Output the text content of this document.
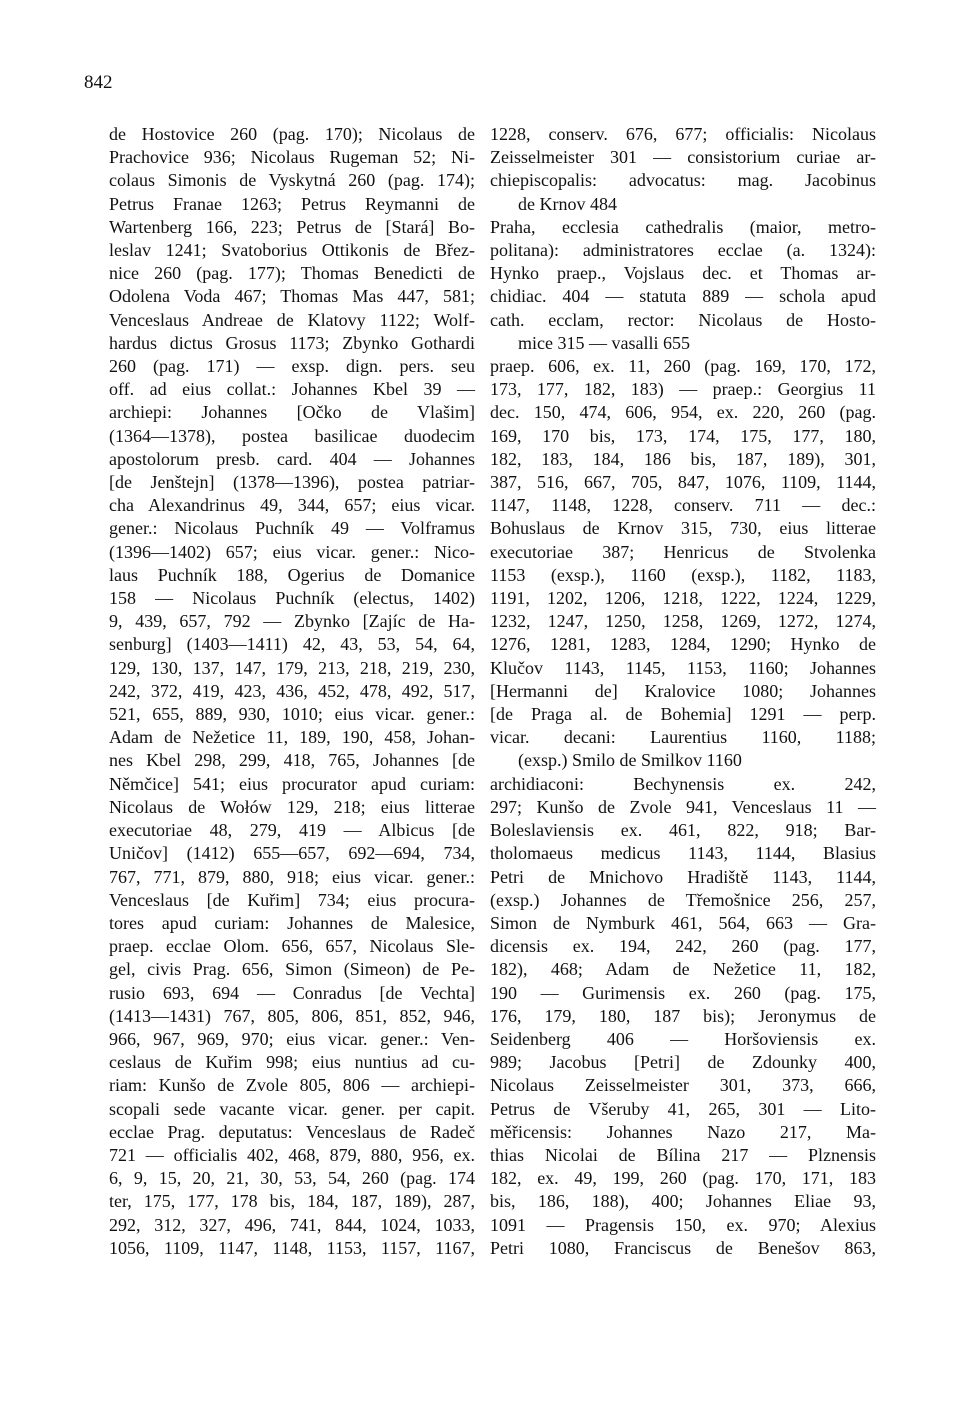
842
de Hostovice 260 (pag. 170); Nicolaus de
Prachovice 936; Nicolaus Rugeman 52; Ni-
colaus Simonis de Vyskytná 260 (pag. 174);
Petrus Franae 1263; Petrus Reymanni de
Wartenberg 166, 223; Petrus de [Stará] Bo-
leslav 1241; Svatoborius Ottikonis de Břez-
nice 260 (pag. 177); Thomas Benedicti de
Odolena Voda 467; Thomas Mas 447, 581;
Venceslaus Andreae de Klatovy 1122; Wolf-
hardus dictus Grosus 1173; Zbynko Gothardi
260 (pag. 171) — exsp. dign. pers. seu
off. ad eius collat.: Johannes Kbel 39 —
archiepi: Johannes [Očko de Vlašim]
(1364—1378), postea basilicae duodecim
apostolorum presb. card. 404 — Johannes
[de Jenštejn] (1378—1396), postea patriar-
cha Alexandrinus 49, 344, 657; eius vicar.
gener.: Nicolaus Puchník 49 — Volframus
(1396—1402) 657; eius vicar. gener.: Nico-
laus Puchník 188, Ogerius de Domanice
158 — Nicolaus Puchník (electus, 1402)
9, 439, 657, 792 — Zbynko [Zajíc de Ha-
senburg] (1403—1411) 42, 43, 53, 54, 64,
129, 130, 137, 147, 179, 213, 218, 219, 230,
242, 372, 419, 423, 436, 452, 478, 492, 517,
521, 655, 889, 930, 1010; eius vicar. gener.:
Adam de Nežetice 11, 189, 190, 458, Johan-
nes Kbel 298, 299, 418, 765, Johannes [de
Němčice] 541; eius procurator apud curiam:
Nicolaus de Wołów 129, 218; eius litterae
executoriae 48, 279, 419 — Albicus [de
Uničov] (1412) 655—657, 692—694, 734,
767, 771, 879, 880, 918; eius vicar. gener.:
Venceslaus [de Kuřim] 734; eius procura-
tores apud curiam: Johannes de Malesice,
praep. ecclae Olom. 656, 657, Nicolaus Sle-
gel, civis Prag. 656, Simon (Simeon) de Pe-
rusio 693, 694 — Conradus [de Vechta]
(1413—1431) 767, 805, 806, 851, 852, 946,
966, 967, 969, 970; eius vicar. gener.: Ven-
ceslaus de Kuřim 998; eius nuntius ad cu-
riam: Kunšo de Zvole 805, 806 — archiepi-
scopali sede vacante vicar. gener. per capit.
ecclae Prag. deputatus: Venceslaus de Radeč
721 — officialis 402, 468, 879, 880, 956, ex.
6, 9, 15, 20, 21, 30, 53, 54, 260 (pag. 174
ter, 175, 177, 178 bis, 184, 187, 189), 287,
292, 312, 327, 496, 741, 844, 1024, 1033,
1056, 1109, 1147, 1148, 1153, 1157, 1167,
1228, conserv. 676, 677; officialis: Nicolaus
Zeisselmeister 301 — consistorium curiae ar-
chiepiscopalis: advocatus: mag. Jacobinus
de Krnov 484
Praha, ecclesia cathedralis (maior, metro-
politana): administratores ecclae (a. 1324):
Hynko praep., Vojslaus dec. et Thomas ar-
chidiac. 404 — statuta 889 — schola apud
cath. ecclam, rector: Nicolaus de Hosto-
mice 315 — vasalli 655
praep. 606, ex. 11, 260 (pag. 169, 170, 172,
173, 177, 182, 183) — praep.: Georgius 11
dec. 150, 474, 606, 954, ex. 220, 260 (pag.
169, 170 bis, 173, 174, 175, 177, 180,
182, 183, 184, 186 bis, 187, 189), 301,
387, 516, 667, 705, 847, 1076, 1109, 1144,
1147, 1148, 1228, conserv. 711 — dec.:
Bohuslaus de Krnov 315, 730, eius litterae
executoriae 387; Henricus de Stvolenka
1153 (exsp.), 1160 (exsp.), 1182, 1183,
1191, 1202, 1206, 1218, 1222, 1224, 1229,
1232, 1247, 1250, 1258, 1269, 1272, 1274,
1276, 1281, 1283, 1284, 1290; Hynko de
Klučov 1143, 1145, 1153, 1160; Johannes
[Hermanni de] Kralovice 1080; Johannes
[de Praga al. de Bohemia] 1291 — perp.
vicar. decani: Laurentius 1160, 1188;
(exsp.) Smilo de Smilkov 1160
archidiaconi: Bechynensis ex. 242,
297; Kunšo de Zvole 941, Venceslaus 11 —
Boleslaviensis ex. 461, 822, 918; Bar-
tholomaeus medicus 1143, 1144, Blasius
Petri de Mnichovo Hradiště 1143, 1144,
(exsp.) Johannes de Třemošnice 256, 257,
Simon de Nymburk 461, 564, 663 — Gra-
dicensis ex. 194, 242, 260 (pag. 177,
182), 468; Adam de Nežetice 11, 182,
190 — Gurimensis ex. 260 (pag. 175,
176, 179, 180, 187 bis); Jeronymus de
Seidenberg 406 — Horšoviensis ex.
989; Jacobus [Petri] de Zdounky 400,
Nicolaus Zeisselmeister 301, 373, 666,
Petrus de Všeruby 41, 265, 301 — Lito-
měřicensis: Johannes Nazo 217, Ma-
thias Nicolai de Bílina 217 — Plznensis
182, ex. 49, 199, 260 (pag. 170, 171, 183
bis, 186, 188), 400; Johannes Eliae 93,
1091 — Pragensis 150, ex. 970; Alexius
Petri 1080, Franciscus de Benešov 863,
